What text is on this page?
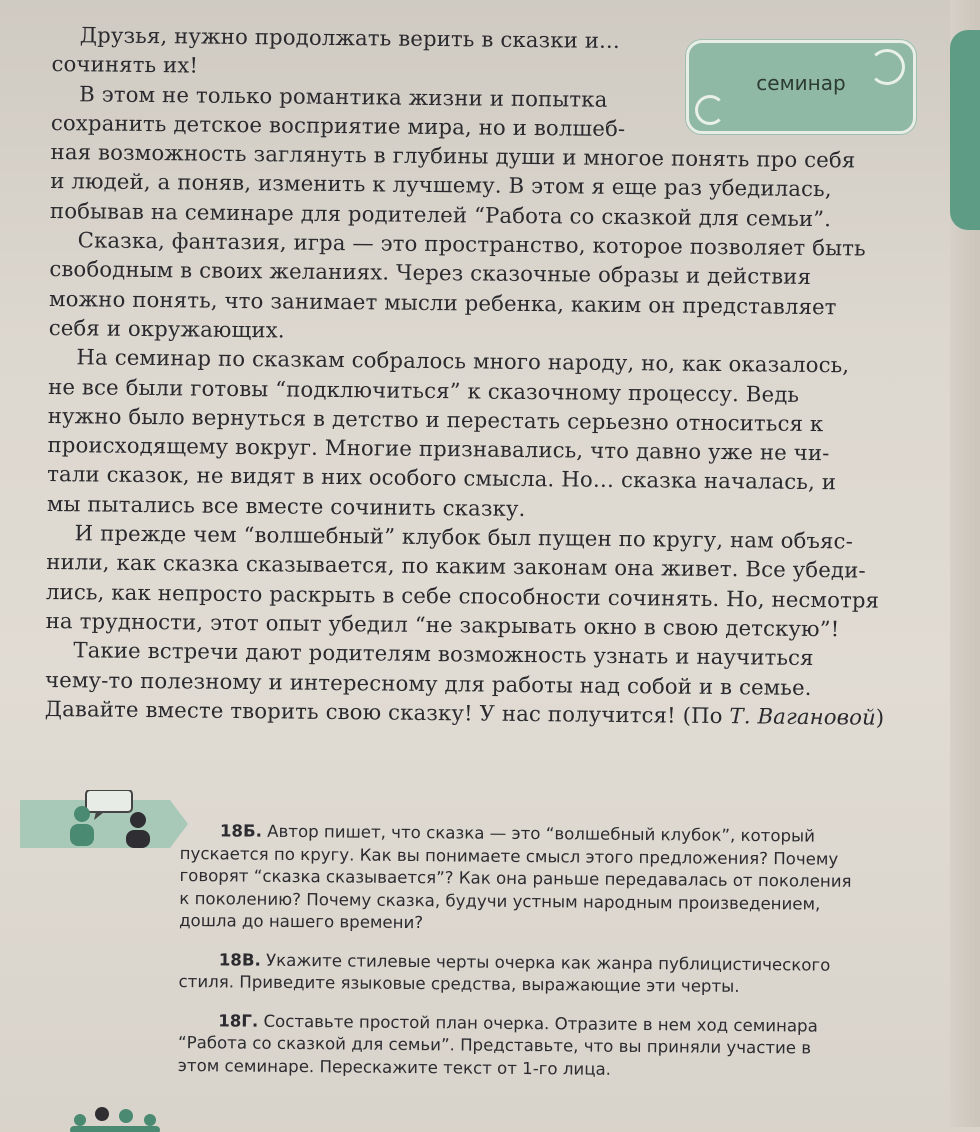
семинар

Друзья, нужно продолжать верить в сказки и...

сочинять их!

В этом не только романтика жизни и попытка

сохранить детское восприятие мира, но и волшеб-

ная возможность заглянуть в глубины души и многое понять про себя

и людей, а поняв, изменить к лучшему. В этом я еще раз убедилась,

побывав на семинаре для родителей “Работа со сказкой для семьи”.

Сказка, фантазия, игра — это пространство, которое позволяет быть

свободным в своих желаниях. Через сказочные образы и действия

можно понять, что занимает мысли ребенка, каким он представляет

себя и окружающих.

На семинар по сказкам собралось много народу, но, как оказалось,

не все были готовы “подключиться” к сказочному процессу. Ведь

нужно было вернуться в детство и перестать серьезно относиться к

происходящему вокруг. Многие признавались, что давно уже не чи-

тали сказок, не видят в них особого смысла. Но… сказка началась, и

мы пытались все вместе сочинить сказку.

И прежде чем “волшебный” клубок был пущен по кругу, нам объяс-

нили, как сказка сказывается, по каким законам она живет. Все убеди-

лись, как непросто раскрыть в себе способности сочинять. Но, несмотря

на трудности, этот опыт убедил “не закрывать окно в свою детскую”!

Такие встречи дают родителям возможность узнать и научиться

чему-то полезному и интересному для работы над собой и в семье.

Давайте вместе творить свою сказку! У нас получится! (По Т. Вагановой)

18Б. Автор пишет, что сказка — это “волшебный клубок”, который
пускается по кругу. Как вы понимаете смысл этого предложения? Почему
говорят “сказка сказывается”? Как она раньше передавалась от поколения
к поколению? Почему сказка, будучи устным народным произведением,
дошла до нашего времени?

18В. Укажите стилевые черты очерка как жанра публицистического
стиля. Приведите языковые средства, выражающие эти черты.

18Г. Составьте простой план очерка. Отразите в нем ход семинара
“Работа со сказкой для семьи”. Представьте, что вы приняли участие в
этом семинаре. Перескажите текст от 1-го лица.
